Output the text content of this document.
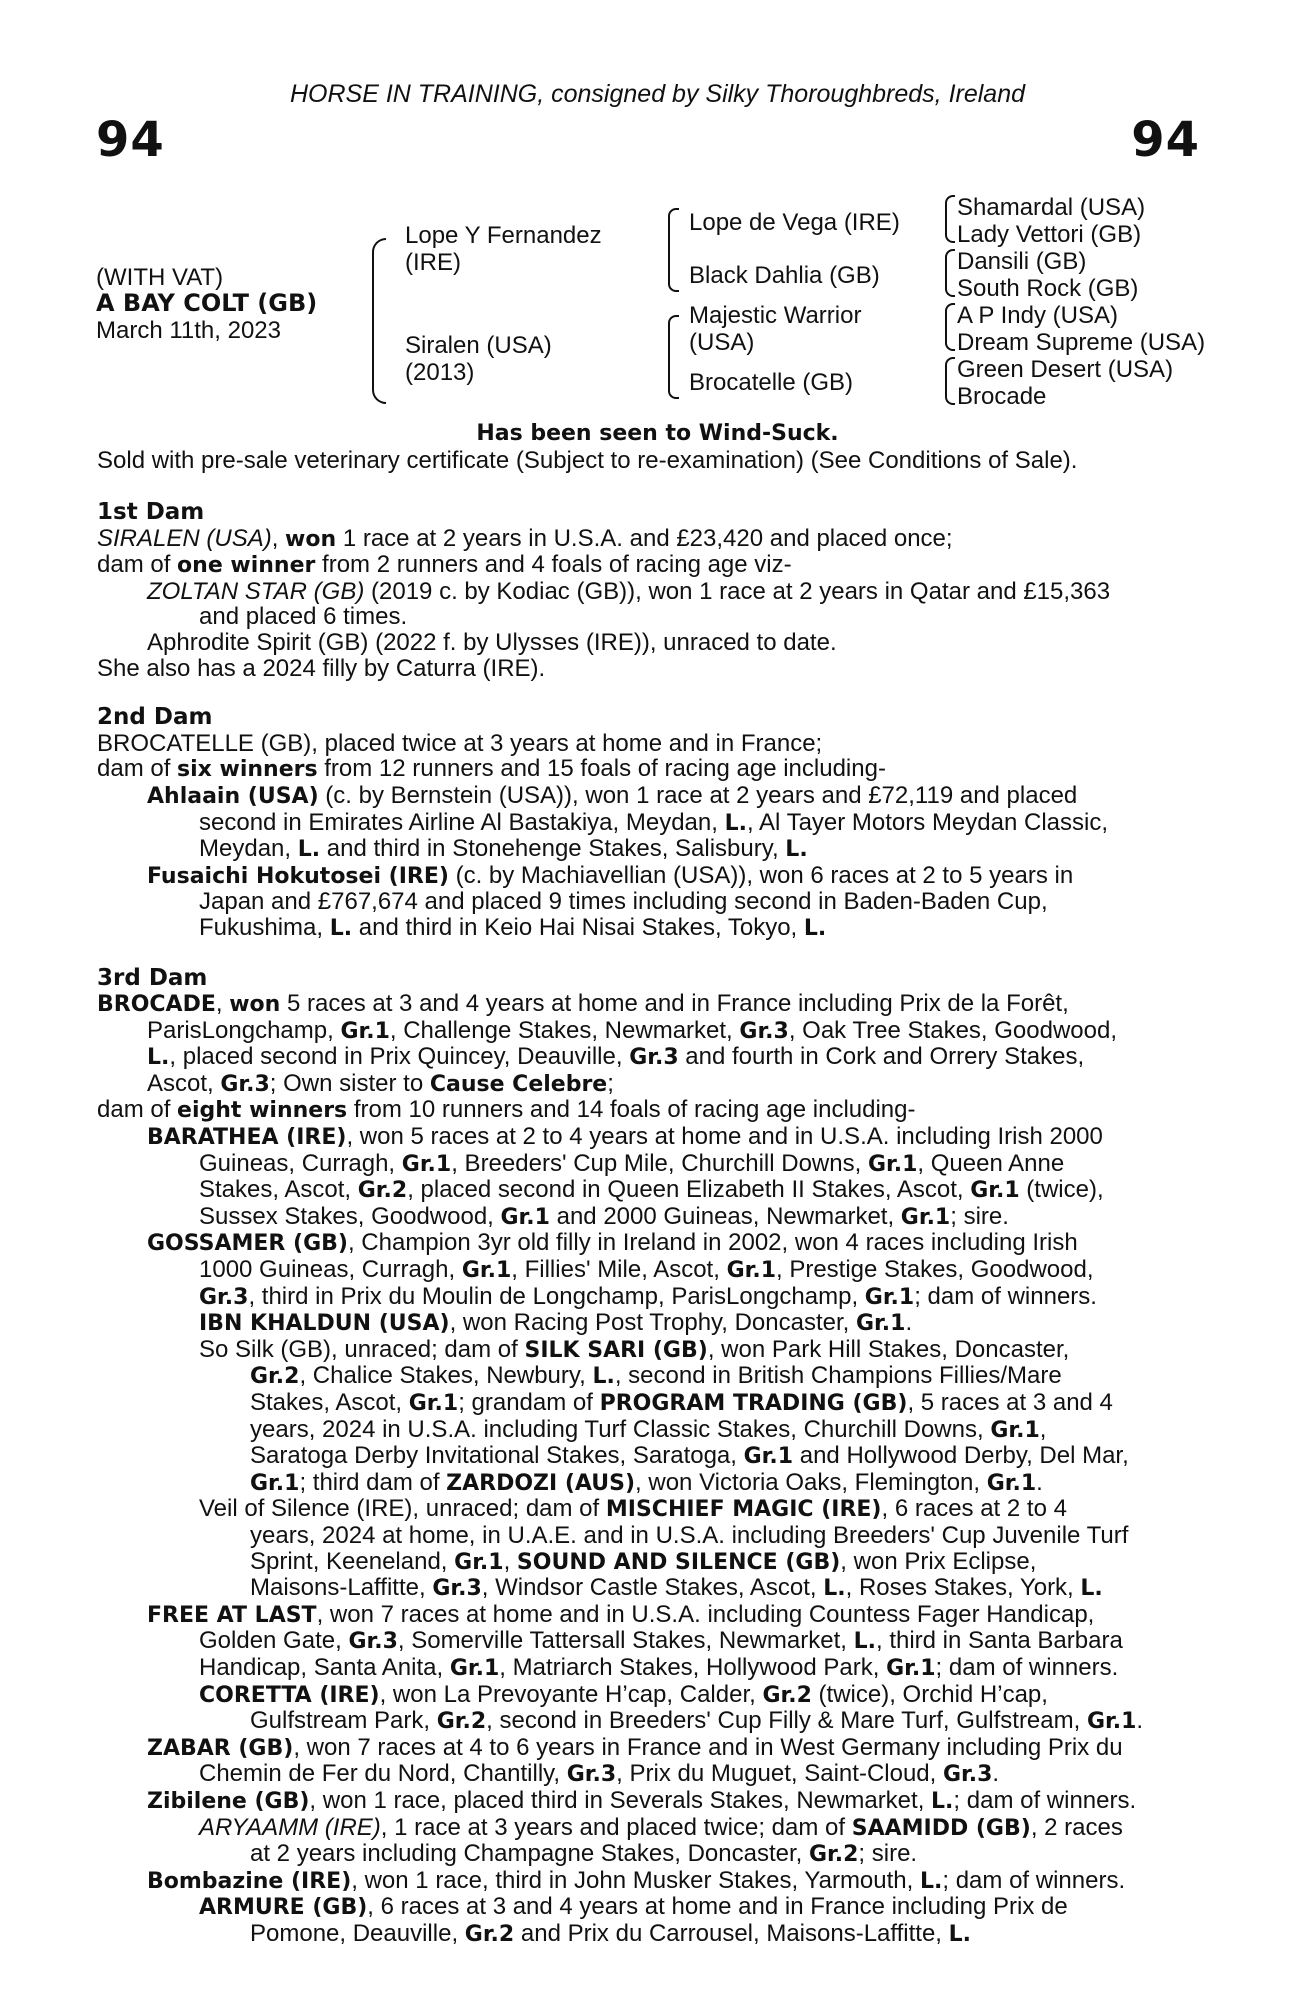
HORSE IN TRAINING, consigned by Silky Thoroughbreds, Ireland
94	94
(WITH VAT)
A BAY COLT (GB)
March 11th, 2023
Lope Y Fernandez
(IRE)
Siralen (USA)
(2013)
Lope de Vega (IRE)
Black Dahlia (GB)
Majestic Warrior
(USA)
Brocatelle (GB)
Shamardal (USA)
Lady Vettori (GB)
Dansili (GB)
South Rock (GB)
A P Indy (USA)
Dream Supreme (USA)
Green Desert (USA)
Brocade
Has been seen to Wind-Suck.
Sold with pre-sale veterinary certificate (Subject to re-examination) (See Conditions of Sale).
1st Dam
SIRALEN (USA), won 1 race at 2 years in U.S.A. and £23,420 and placed once;
dam of one winner from 2 runners and 4 foals of racing age viz-
ZOLTAN STAR (GB) (2019 c. by Kodiac (GB)), won 1 race at 2 years in Qatar and £15,363
and placed 6 times.
Aphrodite Spirit (GB) (2022 f. by Ulysses (IRE)), unraced to date.
She also has a 2024 filly by Caturra (IRE).
2nd Dam
BROCATELLE (GB), placed twice at 3 years at home and in France;
dam of six winners from 12 runners and 15 foals of racing age including-
Ahlaain (USA) (c. by Bernstein (USA)), won 1 race at 2 years and £72,119 and placed
second in Emirates Airline Al Bastakiya, Meydan, L., Al Tayer Motors Meydan Classic,
Meydan, L. and third in Stonehenge Stakes, Salisbury, L.
Fusaichi Hokutosei (IRE) (c. by Machiavellian (USA)), won 6 races at 2 to 5 years in
Japan and £767,674 and placed 9 times including second in Baden-Baden Cup,
Fukushima, L. and third in Keio Hai Nisai Stakes, Tokyo, L.
3rd Dam
BROCADE, won 5 races at 3 and 4 years at home and in France including Prix de la Forêt,
ParisLongchamp, Gr.1, Challenge Stakes, Newmarket, Gr.3, Oak Tree Stakes, Goodwood,
L., placed second in Prix Quincey, Deauville, Gr.3 and fourth in Cork and Orrery Stakes,
Ascot, Gr.3; Own sister to Cause Celebre;
dam of eight winners from 10 runners and 14 foals of racing age including-
BARATHEA (IRE), won 5 races at 2 to 4 years at home and in U.S.A. including Irish 2000
Guineas, Curragh, Gr.1, Breeders' Cup Mile, Churchill Downs, Gr.1, Queen Anne
Stakes, Ascot, Gr.2, placed second in Queen Elizabeth II Stakes, Ascot, Gr.1 (twice),
Sussex Stakes, Goodwood, Gr.1 and 2000 Guineas, Newmarket, Gr.1; sire.
GOSSAMER (GB), Champion 3yr old filly in Ireland in 2002, won 4 races including Irish
1000 Guineas, Curragh, Gr.1, Fillies' Mile, Ascot, Gr.1, Prestige Stakes, Goodwood,
Gr.3, third in Prix du Moulin de Longchamp, ParisLongchamp, Gr.1; dam of winners.
IBN KHALDUN (USA), won Racing Post Trophy, Doncaster, Gr.1.
So Silk (GB), unraced; dam of SILK SARI (GB), won Park Hill Stakes, Doncaster,
Gr.2, Chalice Stakes, Newbury, L., second in British Champions Fillies/Mare
Stakes, Ascot, Gr.1; grandam of PROGRAM TRADING (GB), 5 races at 3 and 4
years, 2024 in U.S.A. including Turf Classic Stakes, Churchill Downs, Gr.1,
Saratoga Derby Invitational Stakes, Saratoga, Gr.1 and Hollywood Derby, Del Mar,
Gr.1; third dam of ZARDOZI (AUS), won Victoria Oaks, Flemington, Gr.1.
Veil of Silence (IRE), unraced; dam of MISCHIEF MAGIC (IRE), 6 races at 2 to 4
years, 2024 at home, in U.A.E. and in U.S.A. including Breeders' Cup Juvenile Turf
Sprint, Keeneland, Gr.1, SOUND AND SILENCE (GB), won Prix Eclipse,
Maisons-Laffitte, Gr.3, Windsor Castle Stakes, Ascot, L., Roses Stakes, York, L.
FREE AT LAST, won 7 races at home and in U.S.A. including Countess Fager Handicap,
Golden Gate, Gr.3, Somerville Tattersall Stakes, Newmarket, L., third in Santa Barbara
Handicap, Santa Anita, Gr.1, Matriarch Stakes, Hollywood Park, Gr.1; dam of winners.
CORETTA (IRE), won La Prevoyante H’cap, Calder, Gr.2 (twice), Orchid H’cap,
Gulfstream Park, Gr.2, second in Breeders' Cup Filly & Mare Turf, Gulfstream, Gr.1.
ZABAR (GB), won 7 races at 4 to 6 years in France and in West Germany including Prix du
Chemin de Fer du Nord, Chantilly, Gr.3, Prix du Muguet, Saint-Cloud, Gr.3.
Zibilene (GB), won 1 race, placed third in Severals Stakes, Newmarket, L.; dam of winners.
ARYAAMM (IRE), 1 race at 3 years and placed twice; dam of SAAMIDD (GB), 2 races
at 2 years including Champagne Stakes, Doncaster, Gr.2; sire.
Bombazine (IRE), won 1 race, third in John Musker Stakes, Yarmouth, L.; dam of winners.
ARMURE (GB), 6 races at 3 and 4 years at home and in France including Prix de
Pomone, Deauville, Gr.2 and Prix du Carrousel, Maisons-Laffitte, L.
